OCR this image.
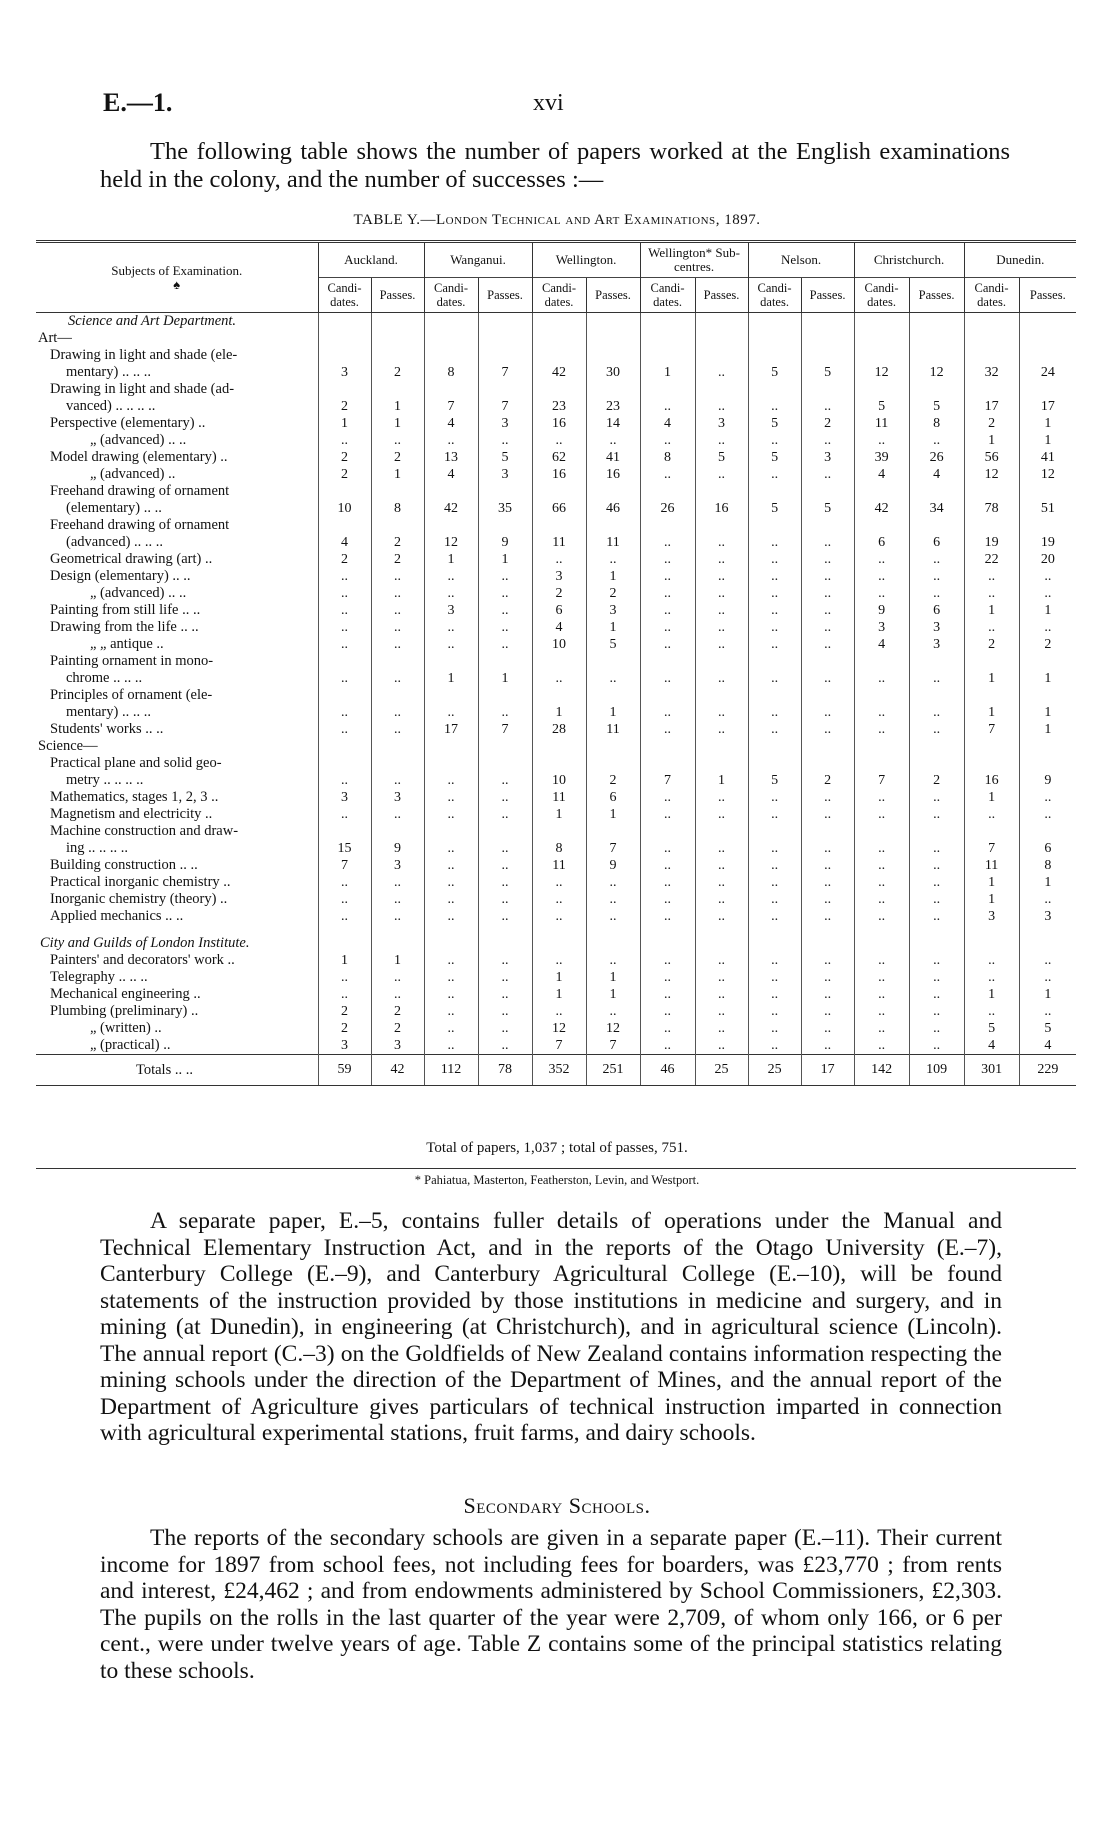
E.—1.	xvi

The following table shows the number of papers worked at the English examinations held in the colony, and the number of successes :—

TABLE Y.—London Technical and Art Examinations, 1897.
Subjects of Examination.
♠	Auckland.		Wanganui.		Wellington.		Wellington* Sub-centres.		Nelson.		Christchurch.		Dunedin.	
	Candi-dates.	Passes.	Candi-dates.	Passes.	Candi-dates.	Passes.	Candi-dates.	Passes.	Candi-dates.	Passes.	Candi-dates.	Passes.	Candi-dates.	Passes.
Science and Art Department.														
Art—														
Drawing in light and shade (ele-														
mentary) .. .. ..	3	2	8	7	42	30	1	..	5	5	12	12	32	24
Drawing in light and shade (ad-														
vanced) .. .. .. ..	2	1	7	7	23	23	..	..	..	..	5	5	17	17
Perspective (elementary) ..	1	1	4	3	16	14	4	3	5	2	11	8	2	1
„ (advanced) .. ..	..	..	..	..	..	..	..	..	..	..	..	..	1	1
Model drawing (elementary) ..	2	2	13	5	62	41	8	5	5	3	39	26	56	41
„ (advanced) ..	2	1	4	3	16	16	..	..	..	..	4	4	12	12
Freehand drawing of ornament														
(elementary) .. ..	10	8	42	35	66	46	26	16	5	5	42	34	78	51
Freehand drawing of ornament														
(advanced) .. .. ..	4	2	12	9	11	11	..	..	..	..	6	6	19	19
Geometrical drawing (art) ..	2	2	1	1	..	..	..	..	..	..	..	..	22	20
Design (elementary) .. ..	..	..	..	..	3	1	..	..	..	..	..	..	..	..
„ (advanced) .. ..	..	..	..	..	2	2	..	..	..	..	..	..	..	..
Painting from still life .. ..	..	..	3	..	6	3	..	..	..	..	9	6	1	1
Drawing from the life .. ..	..	..	..	..	4	1	..	..	..	..	3	3	..	..
„ „ antique ..	..	..	..	..	10	5	..	..	..	..	4	3	2	2
Painting ornament in mono-														
chrome .. .. ..	..	..	1	1	..	..	..	..	..	..	..	..	1	1
Principles of ornament (ele-														
mentary) .. .. ..	..	..	..	..	1	1	..	..	..	..	..	..	1	1
Students' works .. ..	..	..	17	7	28	11	..	..	..	..	..	..	7	1
Science—														
Practical plane and solid geo-														
metry .. .. .. ..	..	..	..	..	10	2	7	1	5	2	7	2	16	9
Mathematics, stages 1, 2, 3 ..	3	3	..	..	11	6	..	..	..	..	..	..	1	..
Magnetism and electricity ..	..	..	..	..	1	1	..	..	..	..	..	..	..	..
Machine construction and draw-														
ing .. .. .. ..	15	9	..	..	8	7	..	..	..	..	..	..	7	6
Building construction .. ..	7	3	..	..	11	9	..	..	..	..	..	..	11	8
Practical inorganic chemistry ..	..	..	..	..	..	..	..	..	..	..	..	..	1	1
Inorganic chemistry (theory) ..	..	..	..	..	..	..	..	..	..	..	..	..	1	..
Applied mechanics .. ..	..	..	..	..	..	..	..	..	..	..	..	..	3	3

City and Guilds of London Institute.														
Painters' and decorators' work ..	1	1	..	..	..	..	..	..	..	..	..	..	..	..
Telegraphy .. .. ..	..	..	..	..	1	1	..	..	..	..	..	..	..	..
Mechanical engineering ..	..	..	..	..	1	1	..	..	..	..	..	..	1	1
Plumbing (preliminary) ..	2	2	..	..	..	..	..	..	..	..	..	..	..	..
„ (written) ..	2	2	..	..	12	12	..	..	..	..	..	..	5	5
„ (practical) ..	3	3	..	..	7	7	..	..	..	..	..	..	4	4
Totals .. ..	59	42	112	78	352	251	46	25	25	17	142	109	301	229
Total of papers, 1,037 ; total of passes, 751.
* Pahiatua, Masterton, Featherston, Levin, and Westport.

A separate paper, E.–5, contains fuller details of operations under the Manual and Technical Elementary Instruction Act, and in the reports of the Otago University (E.–7), Canterbury College (E.–9), and Canterbury Agricultural College (E.–10), will be found statements of the instruction provided by those institutions in medicine and surgery, and in mining (at Dunedin), in engineering (at Christchurch), and in agricultural science (Lincoln). The annual report (C.–3) on the Goldfields of New Zealand contains information respecting the mining schools under the direction of the Department of Mines, and the annual report of the Department of Agriculture gives particulars of technical instruction imparted in connection with agricultural experimental stations, fruit farms, and dairy schools.

Secondary Schools.

The reports of the secondary schools are given in a separate paper (E.–11). Their current income for 1897 from school fees, not including fees for boarders, was £23,770 ; from rents and interest, £24,462 ; and from endowments administered by School Commissioners, £2,303. The pupils on the rolls in the last quarter of the year were 2,709, of whom only 166, or 6 per cent., were under twelve years of age. Table Z contains some of the principal statistics relating to these schools.
